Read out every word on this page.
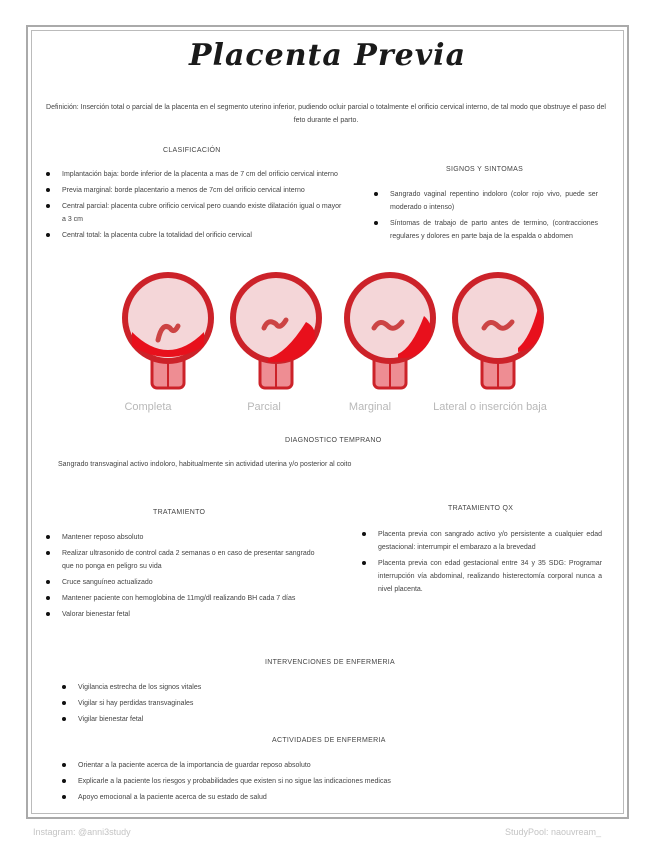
Placenta Previa
Definición: Inserción total o parcial de la placenta en el segmento uterino inferior, pudiendo ocluir parcial o totalmente el orificio cervical interno, de tal modo que obstruye el paso del feto durante el parto.
CLASIFICACIÓN
Implantación baja: borde inferior de la placenta a mas de 7 cm del orificio cervical interno
Previa marginal: borde placentario a menos de 7cm del orificio cervical interno
Central parcial: placenta cubre orificio cervical pero cuando existe dilatación igual o mayor a 3 cm
Central total: la placenta cubre la totalidad del orificio cervical
SIGNOS Y SINTOMAS
Sangrado vaginal repentino indoloro (color rojo vivo, puede ser moderado o intenso)
Síntomas de trabajo de parto antes de termino, (contracciones regulares y dolores en parte baja de la espalda o abdomen
Completa	Parcial	Marginal	Lateral o inserción baja
DIAGNOSTICO TEMPRANO
Sangrado transvaginal activo indoloro, habitualmente sin actividad uterina y/o posterior al coito
TRATAMIENTO
Mantener reposo absoluto
Realizar ultrasonido de control cada 2 semanas o en caso de presentar sangrado que no ponga en peligro su vida
Cruce sanguíneo actualizado
Mantener paciente con hemoglobina de 11mg/dl realizando BH cada 7 días
Valorar bienestar fetal
TRATAMIENTO QX
Placenta previa con sangrado activo y/o persistente a cualquier edad gestacional: interrumpir el embarazo a la brevedad
Placenta previa con edad gestacional entre 34 y 35 SDG: Programar interrupción vía abdominal, realizando histerectomía corporal nunca a nivel placenta.
INTERVENCIONES DE ENFERMERIA
Vigilancia estrecha de los signos vitales
Vigilar si hay perdidas transvaginales
Vigilar bienestar fetal
ACTIVIDADES DE ENFERMERIA
Orientar a la paciente acerca de la importancia de guardar reposo absoluto
Explicarle a la paciente los riesgos y probabilidades que existen si no sigue las indicaciones medicas
Apoyo emocional a la paciente acerca de su estado de salud
Instagram: @anni3study	StudyPool: naouvream_
